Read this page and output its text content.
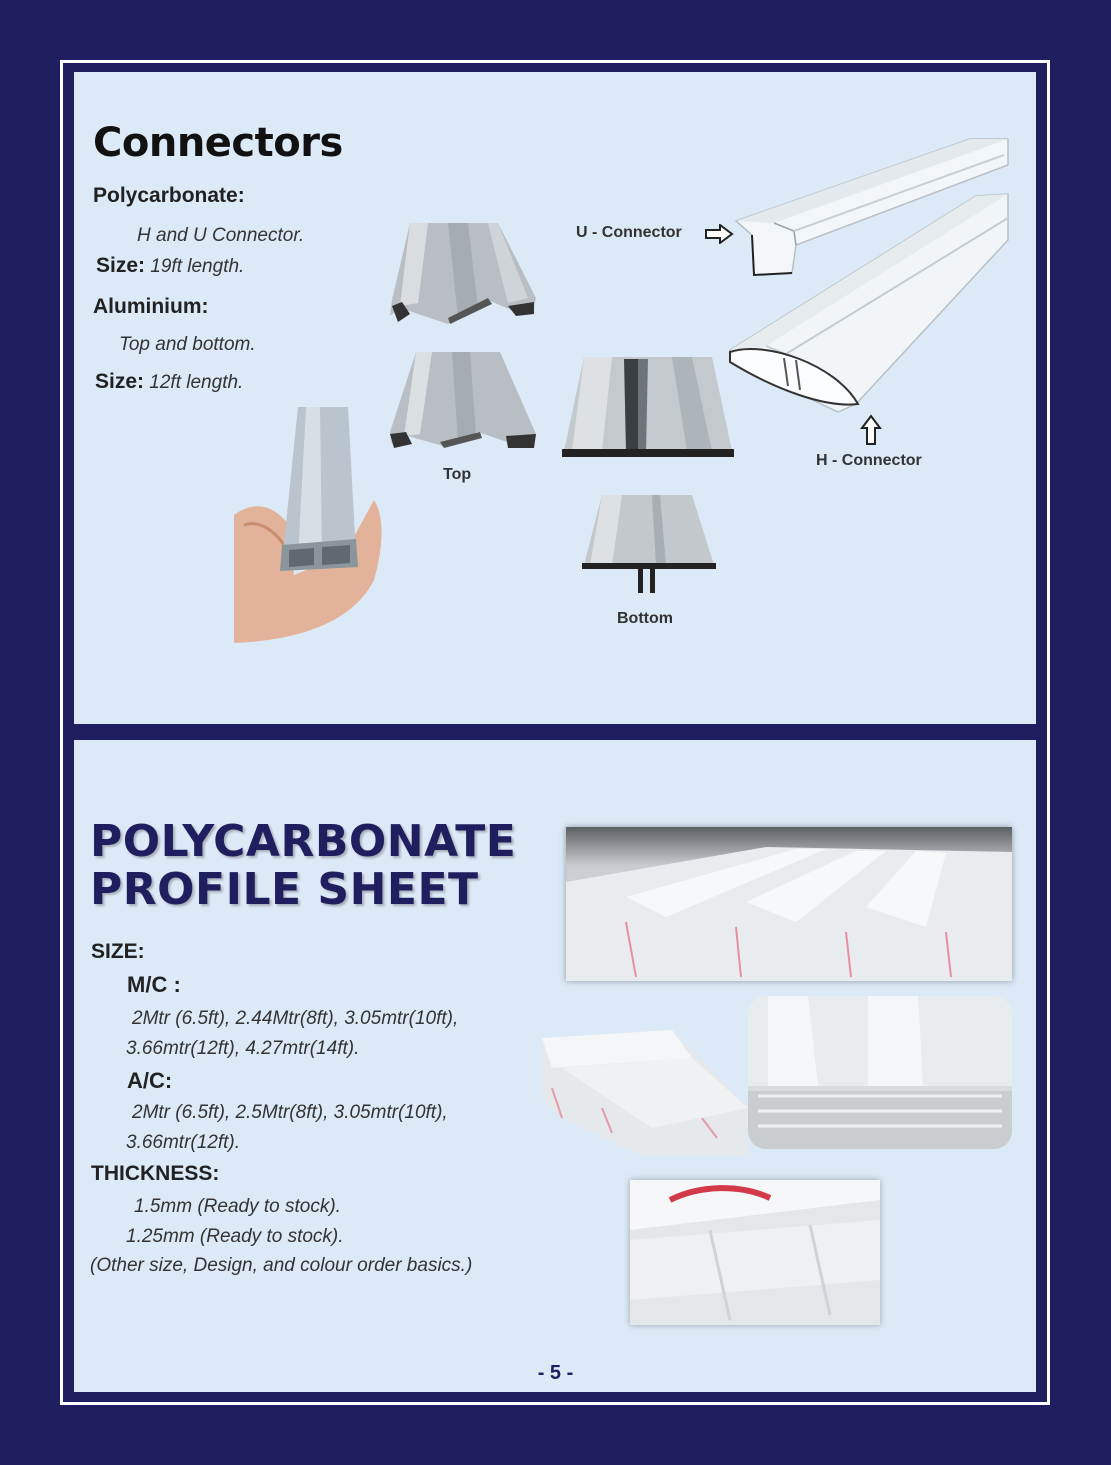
Connectors
Polycarbonate:
H and U Connector.
Size: 19ft length.
Aluminium:
Top and bottom.
Size: 12ft length.
Top
Bottom
U - Connector
H - Connector
POLYCARBONATE
PROFILE SHEET
SIZE:
M/C :
2Mtr (6.5ft), 2.44Mtr(8ft), 3.05mtr(10ft),
3.66mtr(12ft), 4.27mtr(14ft).
A/C:
2Mtr (6.5ft), 2.5Mtr(8ft), 3.05mtr(10ft),
3.66mtr(12ft).
THICKNESS:
1.5mm (Ready to stock).
1.25mm (Ready to stock).
(Other size, Design, and colour order basics.)
- 5 -
